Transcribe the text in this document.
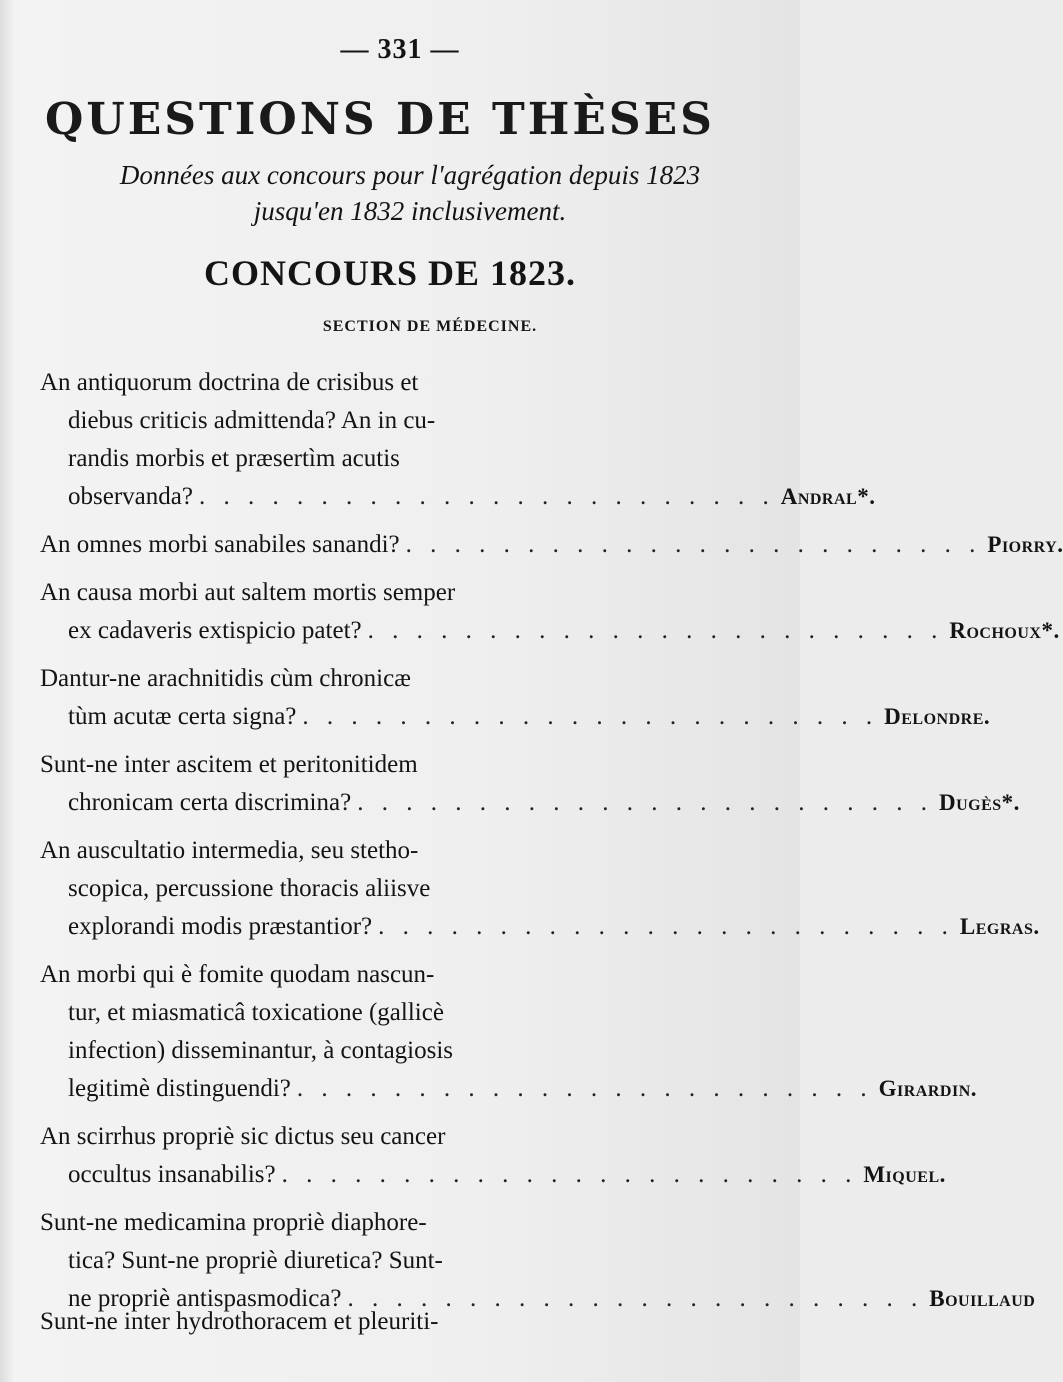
— 331 —
QUESTIONS DE THÈSES
Données aux concours pour l'agrégation depuis 1823
jusqu'en 1832 inclusivement.
CONCOURS DE 1823.
SECTION DE MÉDECINE.
An antiquorum doctrina de crisibus et
diebus criticis admittenda? An in cu-
randis morbis et præsertìm acutis
observanda? . . . . . . . . . . . . . . . . . . . . . . . . Andral*.
An omnes morbi sanabiles sanandi? . . . . . . . . . . . . . . . . . . . . . . . . Piorry.
An causa morbi aut saltem mortis semper
ex cadaveris extispicio patet? . . . . . . . . . . . . . . . . . . . . . . . . Rochoux*.
Dantur-ne arachnitidis cùm chronicæ
tùm acutæ certa signa? . . . . . . . . . . . . . . . . . . . . . . . . Delondre.
Sunt-ne inter ascitem et peritonitidem
chronicam certa discrimina? . . . . . . . . . . . . . . . . . . . . . . . . Dugès*.
An auscultatio intermedia, seu stetho-
scopica, percussione thoracis aliisve
explorandi modis præstantior? . . . . . . . . . . . . . . . . . . . . . . . . Legras.
An morbi qui è fomite quodam nascun-
tur, et miasmaticâ toxicatione (gallicè
infection) disseminantur, à contagiosis
legitimè distinguendi? . . . . . . . . . . . . . . . . . . . . . . . . Girardin.
An scirrhus propriè sic dictus seu cancer
occultus insanabilis? . . . . . . . . . . . . . . . . . . . . . . . . Miquel.
Sunt-ne medicamina propriè diaphore-
tica? Sunt-ne propriè diuretica? Sunt-
ne propriè antispasmodica? . . . . . . . . . . . . . . . . . . . . . . . . Bouillaud
Sunt-ne inter hydrothoracem et pleuriti-
